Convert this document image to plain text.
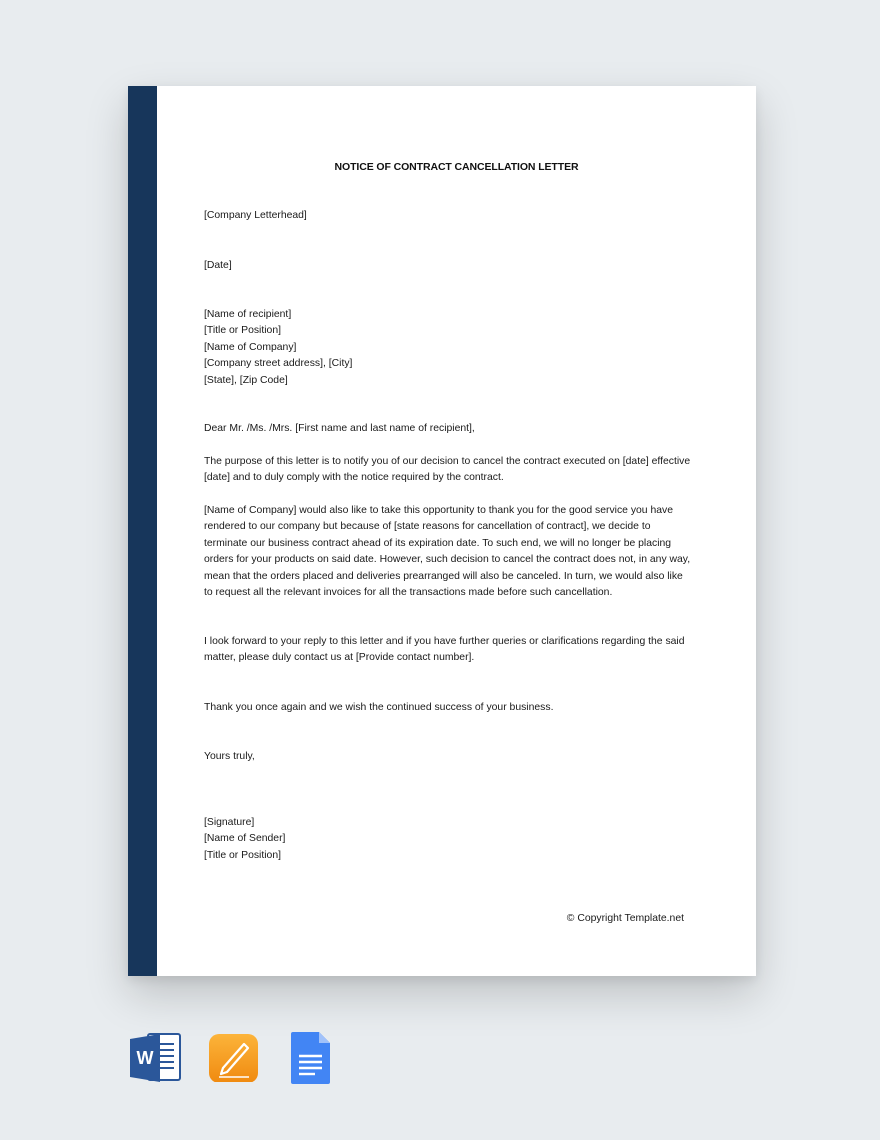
NOTICE OF CONTRACT CANCELLATION LETTER
[Company Letterhead]
[Date]
[Name of recipient]
[Title or Position]
[Name of Company]
[Company street address], [City]
[State], [Zip Code]
Dear Mr. /Ms. /Mrs. [First name and last name of recipient],
The purpose of this letter is to notify you of our decision to cancel the contract executed on [date] effective [date] and to duly comply with the notice required by the contract.
[Name of Company] would also like to take this opportunity to thank you for the good service you have rendered to our company but because of [state reasons for cancellation of contract], we decide to terminate our business contract ahead of its expiration date. To such end, we will no longer be placing orders for your products on said date. However, such decision to cancel the contract does not, in any way, mean that the orders placed and deliveries prearranged will also be canceled. In turn, we would also like to request all the relevant invoices for all the transactions made before such cancellation.
I look forward to your reply to this letter and if you have further queries or clarifications regarding the said matter, please duly contact us at [Provide contact number].
Thank you once again and we wish the continued success of your business.
Yours truly,
[Signature]
[Name of Sender]
[Title or Position]
© Copyright Template.net
W
